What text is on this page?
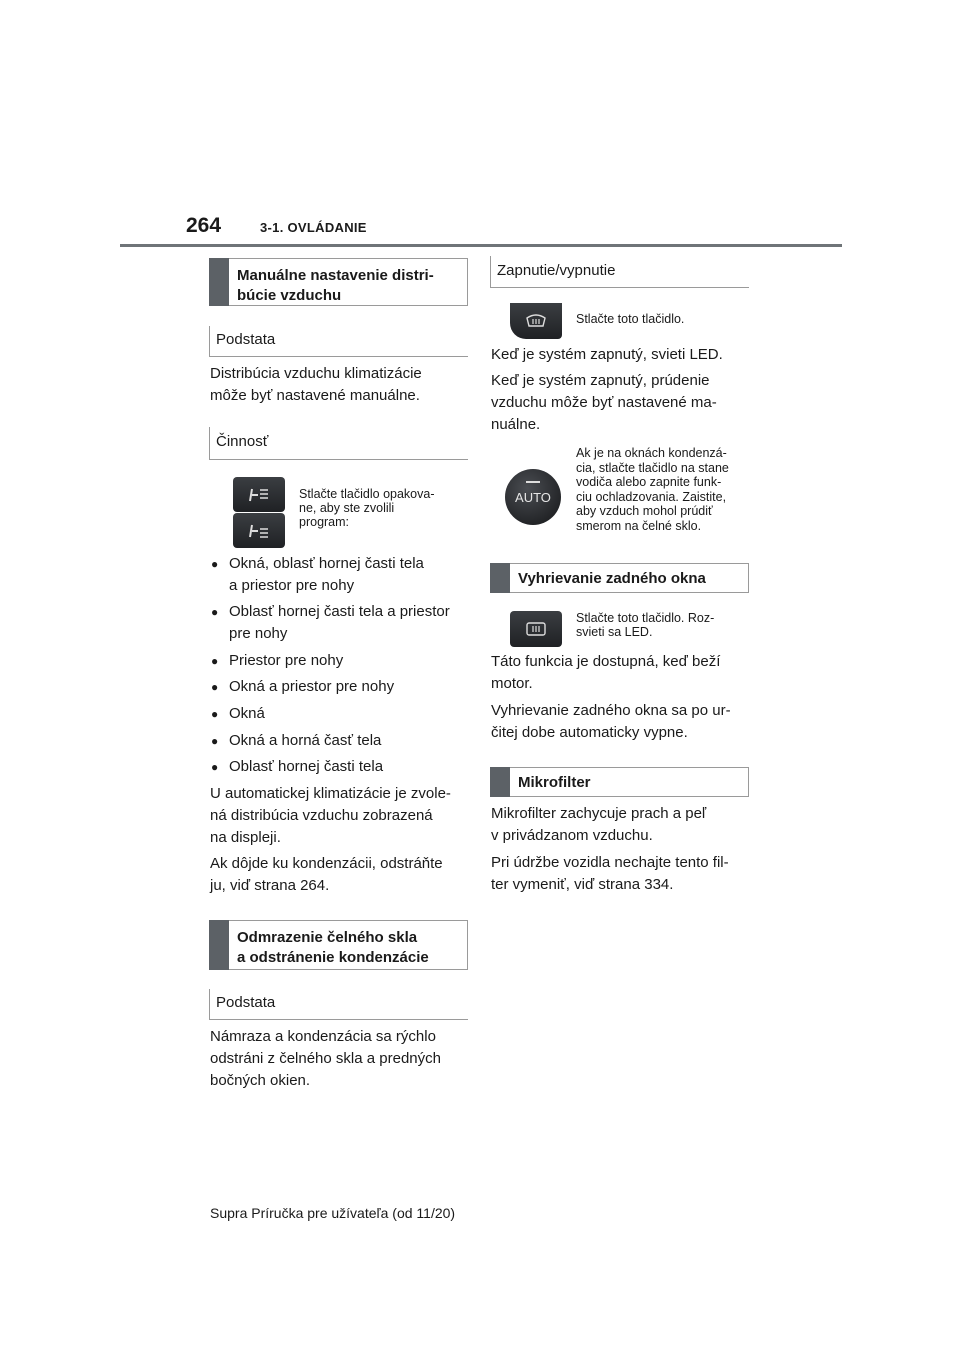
264	3-1. OVLÁDANIE
Manuálne nastavenie distri-
búcie vzduchu
Podstata
Distribúcia vzduchu klimatizácie
môže byť nastavené manuálne.
Činnosť
Stlačte tlačidlo opakova-
ne, aby ste zvolili
program:
● Okná, oblasť hornej časti tela
a priestor pre nohy
● Oblasť hornej časti tela a priestor
pre nohy
● Priestor pre nohy
● Okná a priestor pre nohy
● Okná
● Okná a horná časť tela
● Oblasť hornej časti tela
U automatickej klimatizácie je zvole-
ná distribúcia vzduchu zobrazená
na displeji.
Ak dôjde ku kondenzácii, odstráňte
ju, viď strana 264.
Odmrazenie čelného skla
a odstránenie kondenzácie
Podstata
Námraza a kondenzácia sa rýchlo
odstráni z čelného skla a predných
bočných okien.
Zapnutie/vypnutie
Stlačte toto tlačidlo.
Keď je systém zapnutý, svieti LED.
Keď je systém zapnutý, prúdenie
vzduchu môže byť nastavené ma-
nuálne.
AUTO
Ak je na oknách kondenzá-
cia, stlačte tlačidlo na stane
vodiča alebo zapnite funk-
ciu ochladzovania. Zaistite,
aby vzduch mohol prúdiť
smerom na čelné sklo.
Vyhrievanie zadného okna
Stlačte toto tlačidlo. Roz-
svieti sa LED.
Táto funkcia je dostupná, keď beží
motor.
Vyhrievanie zadného okna sa po ur-
čitej dobe automaticky vypne.
Mikrofilter
Mikrofilter zachycuje prach a peľ
v privádzanom vzduchu.
Pri údržbe vozidla nechajte tento fil-
ter vymeniť, viď strana 334.
Supra Príručka pre užívateľa (od 11/20)
